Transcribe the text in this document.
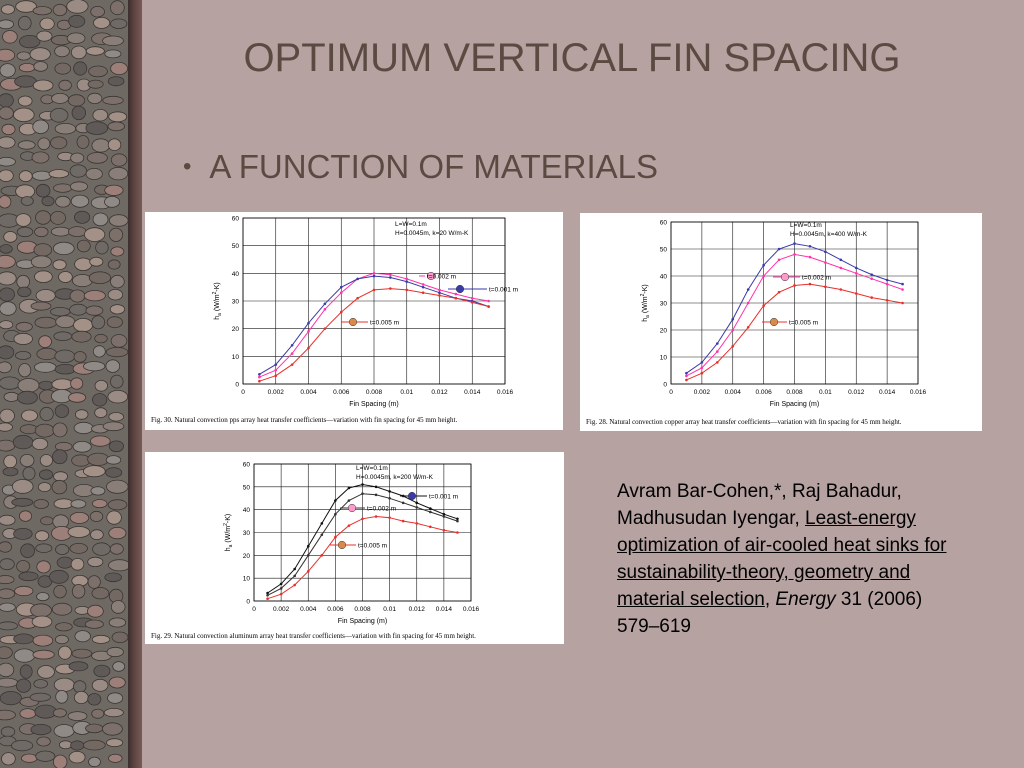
OPTIMUM VERTICAL FIN SPACING
• A FUNCTION OF MATERIALS
0	0.002	0.004	0.006	0.008	0.01	0.012	0.014	0.016
0
10
20
30
40
50
60
Fin Spacing (m)
$h_a$ $(W/m^2-K)$
L=W=0.1m
H=0.0045m, k=20 W/m-K
t=0.002 m
t=0.001 m
t=0.005 m
Fig. 30. Natural convection pps array heat transfer coefficients—variation with fin spacing for 45 mm height.
0	0.002 0.004 0.006 0.008	0.01	0.012 0.014 0.016
0
10
20
30
40
50
60
Fin Spacing (m)
$h_a$ $(W/m^2-K)$
L=W=0.1m
H=0.0045m, k=400 W/m-K
t=0.002 m
t=0.005 m
Fig. 28. Natural convection copper array heat transfer coefficients—variation with fin spacing for 45 mm height.
0	0.002 0.004 0.006 0.008 0.01 0.012 0.014 0.016
0
10
20
30
40
50
60
Fin Spacing (m)
$h_a$ $(W/m^2-K)$
L=W=0.1m
H=0.0045m, k=200 W/m-K
t=0.001 m
t=0.002 m
t=0.005 m
Fig. 29. Natural convection aluminum array heat transfer coefficients—variation with fin spacing for 45 mm height.
Avram Bar-Cohen,*, Raj Bahadur, Madhusudan Iyengar, Least-energy optimization of air-cooled heat sinks for sustainability-theory, geometry and material selection, Energy 31 (2006) 579–619
